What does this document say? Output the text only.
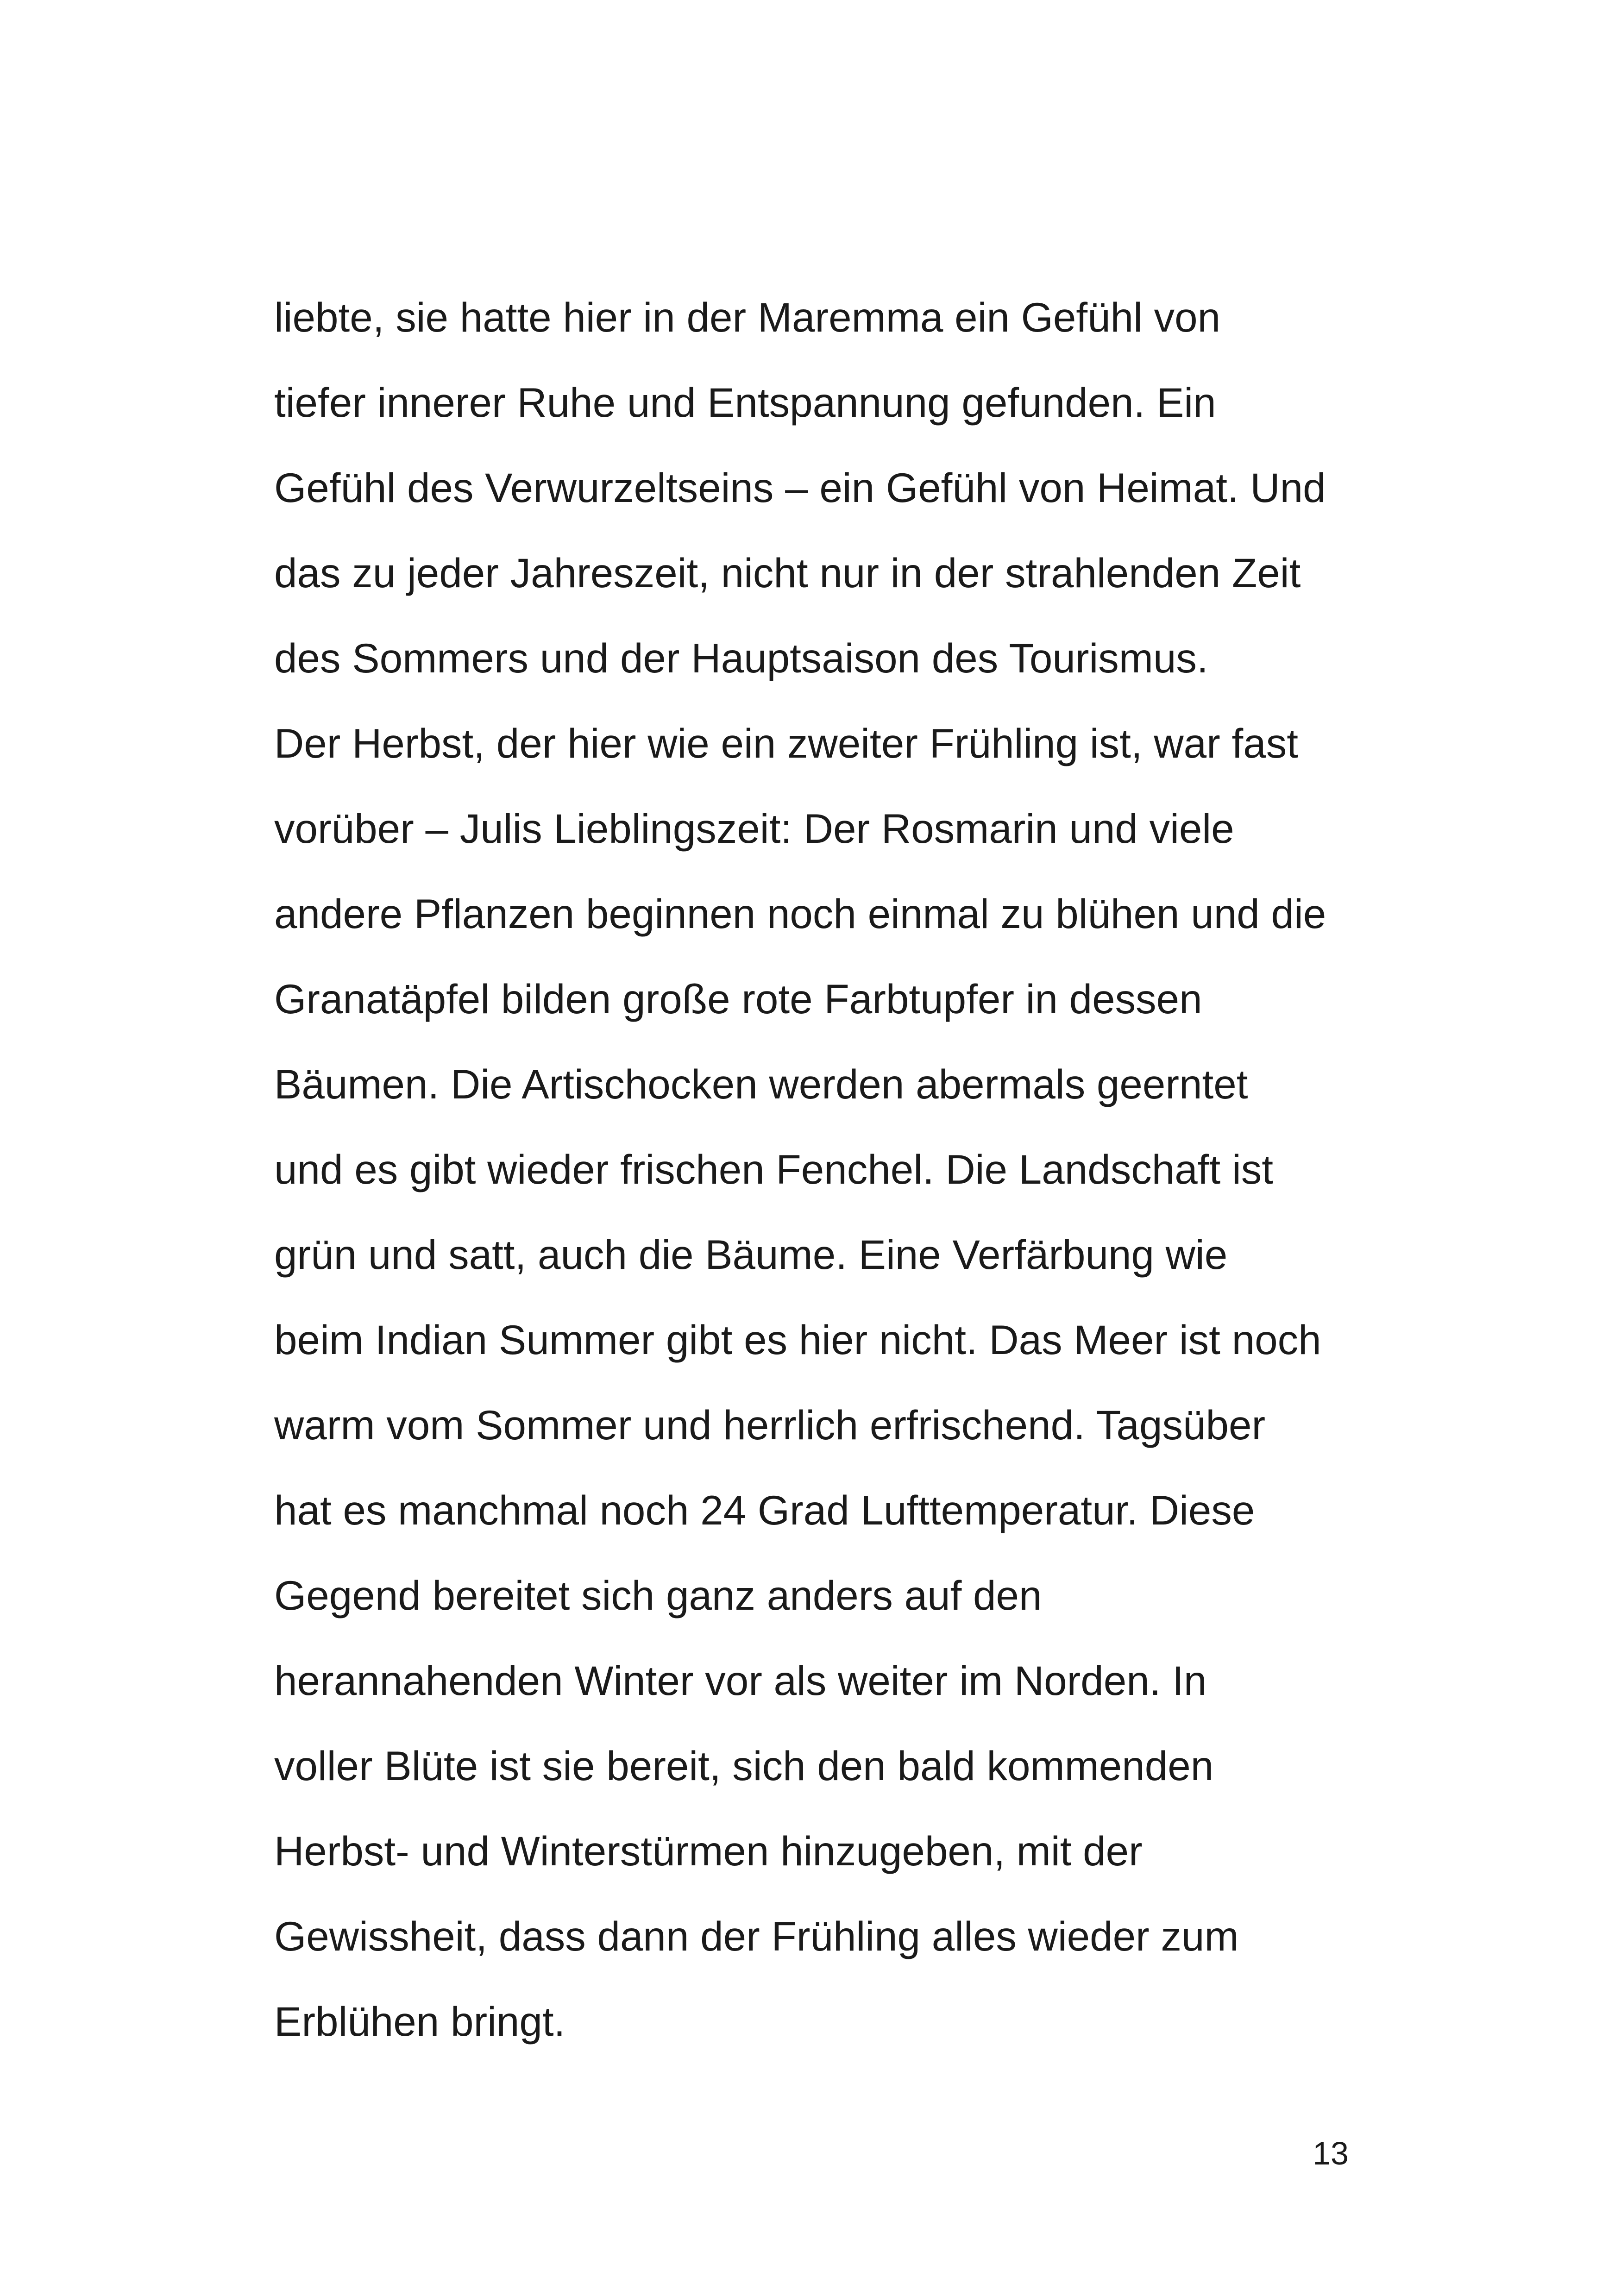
liebte, sie hatte hier in der Maremma ein Gefühl von
tiefer innerer Ruhe und Entspannung gefunden. Ein
Gefühl des Verwurzeltseins – ein Gefühl von Heimat. Und
das zu jeder Jahreszeit, nicht nur in der strahlenden Zeit
des Sommers und der Hauptsaison des Tourismus.
Der Herbst, der hier wie ein zweiter Frühling ist, war fast
vorüber – Julis Lieblingszeit: Der Rosmarin und viele
andere Pflanzen beginnen noch einmal zu blühen und die
Granatäpfel bilden große rote Farbtupfer in dessen
Bäumen. Die Artischocken werden abermals geerntet
und es gibt wieder frischen Fenchel. Die Landschaft ist
grün und satt, auch die Bäume. Eine Verfärbung wie
beim Indian Summer gibt es hier nicht. Das Meer ist noch
warm vom Sommer und herrlich erfrischend. Tagsüber
hat es manchmal noch 24 Grad Lufttemperatur. Diese
Gegend bereitet sich ganz anders auf den
herannahenden Winter vor als weiter im Norden. In
voller Blüte ist sie bereit, sich den bald kommenden
Herbst- und Winterstürmen hinzugeben, mit der
Gewissheit, dass dann der Frühling alles wieder zum
Erblühen bringt.
13
